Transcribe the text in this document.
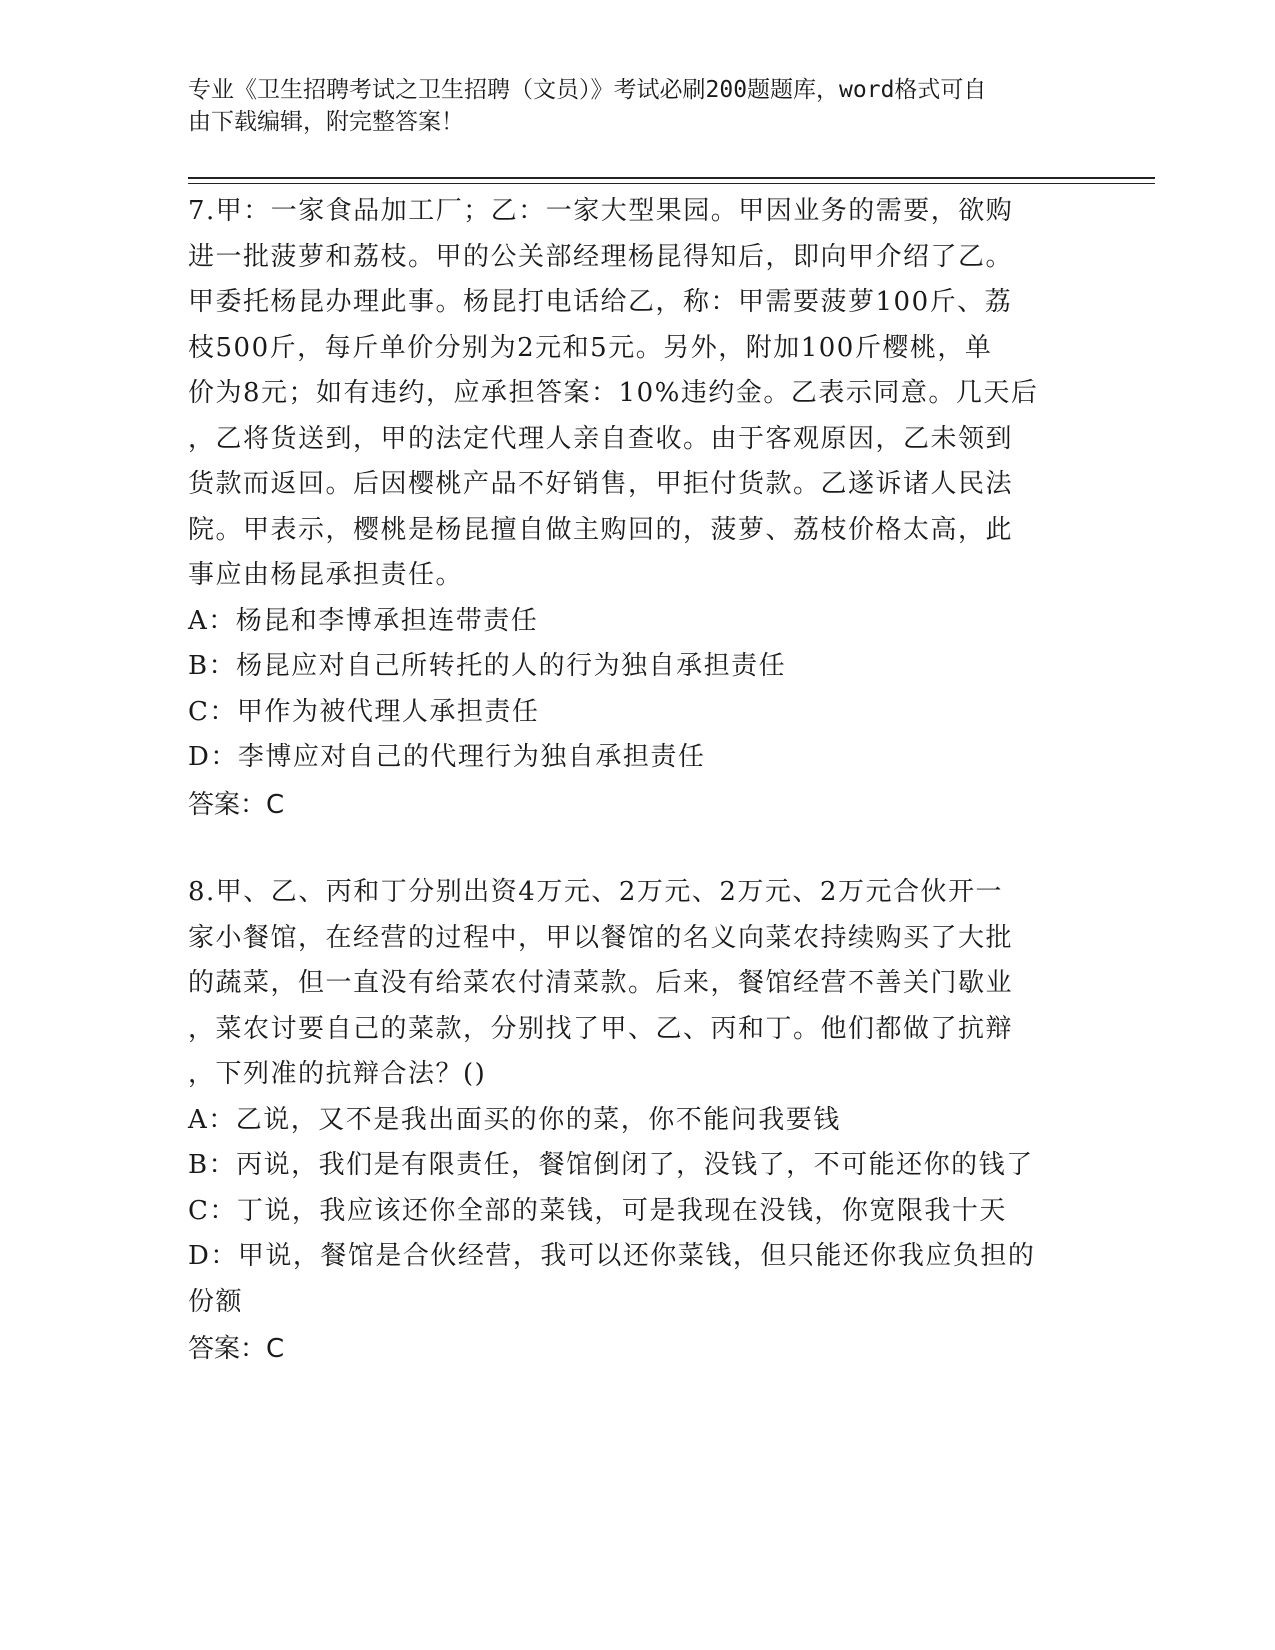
专业《卫生招聘考试之卫生招聘（文员）》考试必刷200题题库，word格式可自
由下载编辑，附完整答案！
7.甲：一家食品加工厂；乙：一家大型果园。甲因业务的需要，欲购
进一批菠萝和荔枝。甲的公关部经理杨昆得知后，即向甲介绍了乙。
甲委托杨昆办理此事。杨昆打电话给乙，称：甲需要菠萝100斤、荔
枝500斤，每斤单价分别为2元和5元。另外，附加100斤樱桃，单
价为8元；如有违约，应承担答案：10%违约金。乙表示同意。几天后
，乙将货送到，甲的法定代理人亲自查收。由于客观原因，乙未领到
货款而返回。后因樱桃产品不好销售，甲拒付货款。乙遂诉诸人民法
院。甲表示，樱桃是杨昆擅自做主购回的，菠萝、荔枝价格太高，此
事应由杨昆承担责任。
A：杨昆和李博承担连带责任
B：杨昆应对自己所转托的人的行为独自承担责任
C：甲作为被代理人承担责任
D：李博应对自己的代理行为独自承担责任
答案：C
8.甲、乙、丙和丁分别出资4万元、2万元、2万元、2万元合伙开一
家小餐馆，在经营的过程中，甲以餐馆的名义向菜农持续购买了大批
的蔬菜，但一直没有给菜农付清菜款。后来，餐馆经营不善关门歇业
，菜农讨要自己的菜款，分别找了甲、乙、丙和丁。他们都做了抗辩
，下列准的抗辩合法？()
A：乙说，又不是我出面买的你的菜，你不能问我要钱
B：丙说，我们是有限责任，餐馆倒闭了，没钱了，不可能还你的钱了
C：丁说，我应该还你全部的菜钱，可是我现在没钱，你宽限我十天
D：甲说，餐馆是合伙经营，我可以还你菜钱，但只能还你我应负担的
份额
答案：C
